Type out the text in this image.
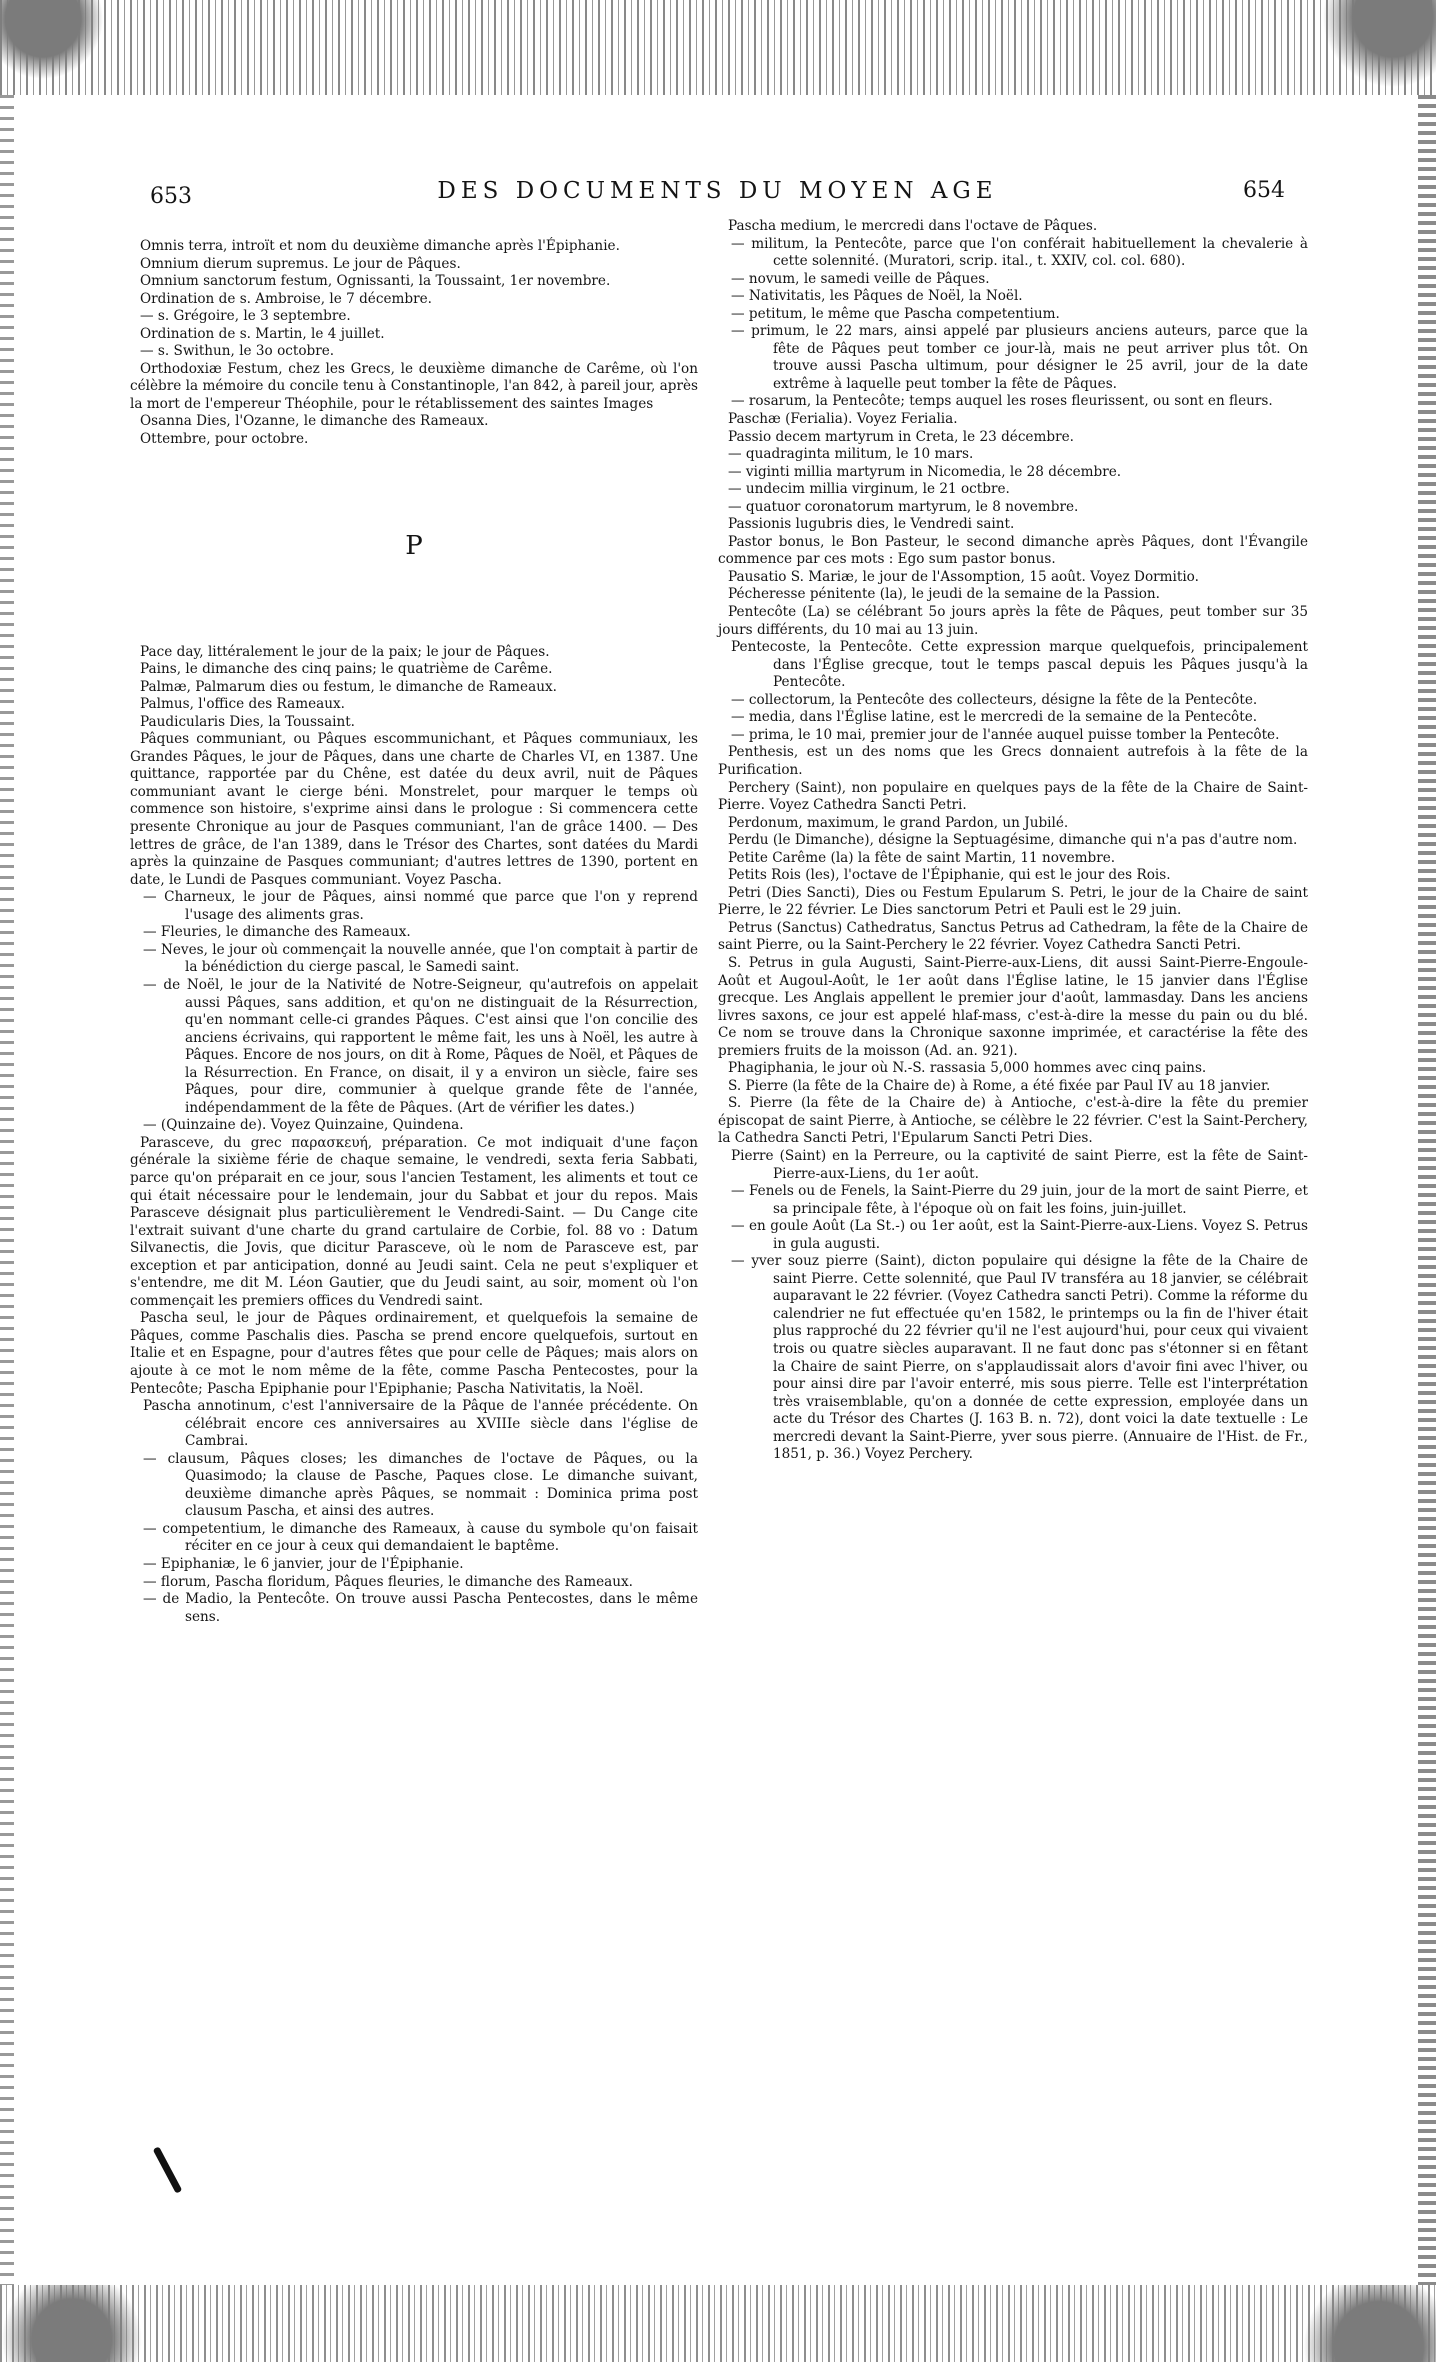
653	DES DOCUMENTS DU MOYEN AGE	654
Omnis terra, introït et nom du deuxième dimanche après l'Épiphanie.
Omnium dierum supremus. Le jour de Pâques.
Omnium sanctorum festum, Ognissanti, la Toussaint, 1er novembre.
Ordination de s. Ambroise, le 7 décembre.
— s. Grégoire, le 3 septembre.
Ordination de s. Martin, le 4 juillet.
— s. Swithun, le 3o octobre.
Orthodoxiæ Festum, chez les Grecs, le deuxième dimanche de Carême, où l'on célèbre la mémoire du concile tenu à Constantinople, l'an 842, à pareil jour, après la mort de l'empereur Théophile, pour le rétablissement des saintes Images
Osanna Dies, l'Ozanne, le dimanche des Rameaux.
Ottembre, pour octobre.
P
Pace day, littéralement le jour de la paix; le jour de Pâques.
Pains, le dimanche des cinq pains; le quatrième de Carême.
Palmæ, Palmarum dies ou festum, le dimanche de Rameaux.
Palmus, l'office des Rameaux.
Paudicularis Dies, la Toussaint.
Pâques communiant, ou Pâques escommunichant, et Pâques communiaux, les Grandes Pâques, le jour de Pâques, dans une charte de Charles VI, en 1387. Une quittance, rapportée par du Chêne, est datée du deux avril, nuit de Pâques communiant avant le cierge béni. Monstrelet, pour marquer le temps où commence son histoire, s'exprime ainsi dans le prologue : Si commencera cette presente Chronique au jour de Pasques communiant, l'an de grâce 1400. — Des lettres de grâce, de l'an 1389, dans le Trésor des Chartes, sont datées du Mardi après la quinzaine de Pasques communiant; d'autres lettres de 1390, portent en date, le Lundi de Pasques communiant. Voyez Pascha.
— Charneux, le jour de Pâques, ainsi nommé que parce que l'on y reprend l'usage des aliments gras.
— Fleuries, le dimanche des Rameaux.
— Neves, le jour où commençait la nouvelle année, que l'on comptait à partir de la bénédiction du cierge pascal, le Samedi saint.
— de Noël, le jour de la Nativité de Notre-Seigneur, qu'autrefois on appelait aussi Pâques, sans addition, et qu'on ne distinguait de la Résurrection, qu'en nommant celle-ci grandes Pâques. C'est ainsi que l'on concilie des anciens écrivains, qui rapportent le même fait, les uns à Noël, les autre à Pâques. Encore de nos jours, on dit à Rome, Pâques de Noël, et Pâques de la Résurrection. En France, on disait, il y a environ un siècle, faire ses Pâques, pour dire, communier à quelque grande fête de l'année, indépendamment de la fête de Pâques. (Art de vérifier les dates.)
— (Quinzaine de). Voyez Quinzaine, Quindena.
Parasceve, du grec παρασκευή, préparation. Ce mot indiquait d'une façon générale la sixième férie de chaque semaine, le vendredi, sexta feria Sabbati, parce qu'on préparait en ce jour, sous l'ancien Testament, les aliments et tout ce qui était nécessaire pour le lendemain, jour du Sabbat et jour du repos. Mais Parasceve désignait plus particulièrement le Vendredi-Saint. — Du Cange cite l'extrait suivant d'une charte du grand cartulaire de Corbie, fol. 88 vo : Datum Silvanectis, die Jovis, que dicitur Parasceve, où le nom de Parasceve est, par exception et par anticipation, donné au Jeudi saint. Cela ne peut s'expliquer et s'entendre, me dit M. Léon Gautier, que du Jeudi saint, au soir, moment où l'on commençait les premiers offices du Vendredi saint.
Pascha seul, le jour de Pâques ordinairement, et quelquefois la semaine de Pâques, comme Paschalis dies. Pascha se prend encore quelquefois, surtout en Italie et en Espagne, pour d'autres fêtes que pour celle de Pâques; mais alors on ajoute à ce mot le nom même de la fête, comme Pascha Pentecostes, pour la Pentecôte; Pascha Epiphanie pour l'Epiphanie; Pascha Nativitatis, la Noël.
Pascha annotinum, c'est l'anniversaire de la Pâque de l'année précédente. On célébrait encore ces anniversaires au XVIIIe siècle dans l'église de Cambrai.
— clausum, Pâques closes; les dimanches de l'octave de Pâques, ou la Quasimodo; la clause de Pasche, Paques close. Le dimanche suivant, deuxième dimanche après Pâques, se nommait : Dominica prima post clausum Pascha, et ainsi des autres.
— competentium, le dimanche des Rameaux, à cause du symbole qu'on faisait réciter en ce jour à ceux qui demandaient le baptême.
— Epiphaniæ, le 6 janvier, jour de l'Épiphanie.
— florum, Pascha floridum, Pâques fleuries, le dimanche des Rameaux.
— de Madio, la Pentecôte. On trouve aussi Pascha Pentecostes, dans le même sens.
Pascha medium, le mercredi dans l'octave de Pâques.
— militum, la Pentecôte, parce que l'on conférait habituellement la chevalerie à cette solennité. (Muratori, scrip. ital., t. XXIV, col. col. 680).
— novum, le samedi veille de Pâques.
— Nativitatis, les Pâques de Noël, la Noël.
— petitum, le même que Pascha competentium.
— primum, le 22 mars, ainsi appelé par plusieurs anciens auteurs, parce que la fête de Pâques peut tomber ce jour-là, mais ne peut arriver plus tôt. On trouve aussi Pascha ultimum, pour désigner le 25 avril, jour de la date extrême à laquelle peut tomber la fête de Pâques.
— rosarum, la Pentecôte; temps auquel les roses fleurissent, ou sont en fleurs.
Paschæ (Ferialia). Voyez Ferialia.
Passio decem martyrum in Creta, le 23 décembre.
— quadraginta militum, le 10 mars.
— viginti millia martyrum in Nicomedia, le 28 décembre.
— undecim millia virginum, le 21 octbre.
— quatuor coronatorum martyrum, le 8 novembre.
Passionis lugubris dies, le Vendredi saint.
Pastor bonus, le Bon Pasteur, le second dimanche après Pâques, dont l'Évangile commence par ces mots : Ego sum pastor bonus.
Pausatio S. Mariæ, le jour de l'Assomption, 15 août. Voyez Dormitio.
Pécheresse pénitente (la), le jeudi de la semaine de la Passion.
Pentecôte (La) se célébrant 5o jours après la fête de Pâques, peut tomber sur 35 jours différents, du 10 mai au 13 juin.
Pentecoste, la Pentecôte. Cette expression marque quelquefois, principalement dans l'Église grecque, tout le temps pascal depuis les Pâques jusqu'à la Pentecôte.
— collectorum, la Pentecôte des collecteurs, désigne la fête de la Pentecôte.
— media, dans l'Église latine, est le mercredi de la semaine de la Pentecôte.
— prima, le 10 mai, premier jour de l'année auquel puisse tomber la Pentecôte.
Penthesis, est un des noms que les Grecs donnaient autrefois à la fête de la Purification.
Perchery (Saint), non populaire en quelques pays de la fête de la Chaire de Saint-Pierre. Voyez Cathedra Sancti Petri.
Perdonum, maximum, le grand Pardon, un Jubilé.
Perdu (le Dimanche), désigne la Septuagésime, dimanche qui n'a pas d'autre nom.
Petite Carême (la) la fête de saint Martin, 11 novembre.
Petits Rois (les), l'octave de l'Épiphanie, qui est le jour des Rois.
Petri (Dies Sancti), Dies ou Festum Epularum S. Petri, le jour de la Chaire de saint Pierre, le 22 février. Le Dies sanctorum Petri et Pauli est le 29 juin.
Petrus (Sanctus) Cathedratus, Sanctus Petrus ad Cathedram, la fête de la Chaire de saint Pierre, ou la Saint-Perchery le 22 février. Voyez Cathedra Sancti Petri.
S. Petrus in gula Augusti, Saint-Pierre-aux-Liens, dit aussi Saint-Pierre-Engoule-Août et Augoul-Août, le 1er août dans l'Église latine, le 15 janvier dans l'Église grecque. Les Anglais appellent le premier jour d'août, lammasday. Dans les anciens livres saxons, ce jour est appelé hlaf-mass, c'est-à-dire la messe du pain ou du blé. Ce nom se trouve dans la Chronique saxonne imprimée, et caractérise la fête des premiers fruits de la moisson (Ad. an. 921).
Phagiphania, le jour où N.-S. rassasia 5,000 hommes avec cinq pains.
S. Pierre (la fête de la Chaire de) à Rome, a été fixée par Paul IV au 18 janvier.
S. Pierre (la fête de la Chaire de) à Antioche, c'est-à-dire la fête du premier épiscopat de saint Pierre, à Antioche, se célèbre le 22 février. C'est la Saint-Perchery, la Cathedra Sancti Petri, l'Epularum Sancti Petri Dies.
Pierre (Saint) en la Perreure, ou la captivité de saint Pierre, est la fête de Saint-Pierre-aux-Liens, du 1er août.
— Fenels ou de Fenels, la Saint-Pierre du 29 juin, jour de la mort de saint Pierre, et sa principale fête, à l'époque où on fait les foins, juin-juillet.
— en goule Août (La St.-) ou 1er août, est la Saint-Pierre-aux-Liens. Voyez S. Petrus in gula augusti.
— yver souz pierre (Saint), dicton populaire qui désigne la fête de la Chaire de saint Pierre. Cette solennité, que Paul IV transféra au 18 janvier, se célébrait auparavant le 22 février. (Voyez Cathedra sancti Petri). Comme la réforme du calendrier ne fut effectuée qu'en 1582, le printemps ou la fin de l'hiver était plus rapproché du 22 février qu'il ne l'est aujourd'hui, pour ceux qui vivaient trois ou quatre siècles auparavant. Il ne faut donc pas s'étonner si en fêtant la Chaire de saint Pierre, on s'applaudissait alors d'avoir fini avec l'hiver, ou pour ainsi dire par l'avoir enterré, mis sous pierre. Telle est l'interprétation très vraisemblable, qu'on a donnée de cette expression, employée dans un acte du Trésor des Chartes (J. 163 B. n. 72), dont voici la date textuelle : Le mercredi devant la Saint-Pierre, yver sous pierre. (Annuaire de l'Hist. de Fr., 1851, p. 36.) Voyez Perchery.
